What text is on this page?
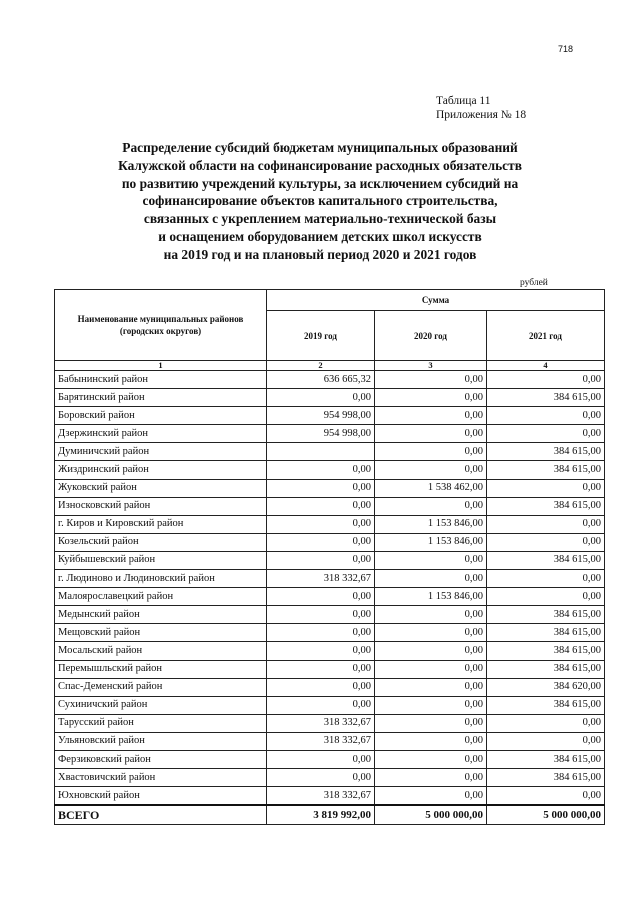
718
Таблица 11
Приложения № 18
Распределение субсидий бюджетам муниципальных образований
Калужской области на софинансирование расходных обязательств
по развитию учреждений культуры, за исключением субсидий на
софинансирование объектов капитального строительства,
связанных с укреплением материально-технической базы
и оснащением оборудованием детских школ искусств
на 2019 год и на плановый период 2020 и 2021 годов
рублей
Наименование муниципальных районов (городских округов)	Сумма		
	2019 год	2020 год	2021 год
1	2	3	4
Бабынинский район	636 665,32	0,00	0,00
Барятинский район	0,00	0,00	384 615,00
Боровский район	954 998,00	0,00	0,00
Дзержинский район	954 998,00	0,00	0,00
Думиничский район		0,00	384 615,00
Жиздринский район	0,00	0,00	384 615,00
Жуковский район	0,00	1 538 462,00	0,00
Износковский район	0,00	0,00	384 615,00
г. Киров и Кировский район	0,00	1 153 846,00	0,00
Козельский район	0,00	1 153 846,00	0,00
Куйбышевский район	0,00	0,00	384 615,00
г. Людиново и Людиновский район	318 332,67	0,00	0,00
Малоярославецкий район	0,00	1 153 846,00	0,00
Медынский район	0,00	0,00	384 615,00
Мещовский район	0,00	0,00	384 615,00
Мосальский район	0,00	0,00	384 615,00
Перемышльский район	0,00	0,00	384 615,00
Спас-Деменский район	0,00	0,00	384 620,00
Сухиничский район	0,00	0,00	384 615,00
Тарусский район	318 332,67	0,00	0,00
Ульяновский район	318 332,67	0,00	0,00
Ферзиковский район	0,00	0,00	384 615,00
Хвастовичский район	0,00	0,00	384 615,00
Юхновский район	318 332,67	0,00	0,00
ВСЕГО	3 819 992,00	5 000 000,00	5 000 000,00
